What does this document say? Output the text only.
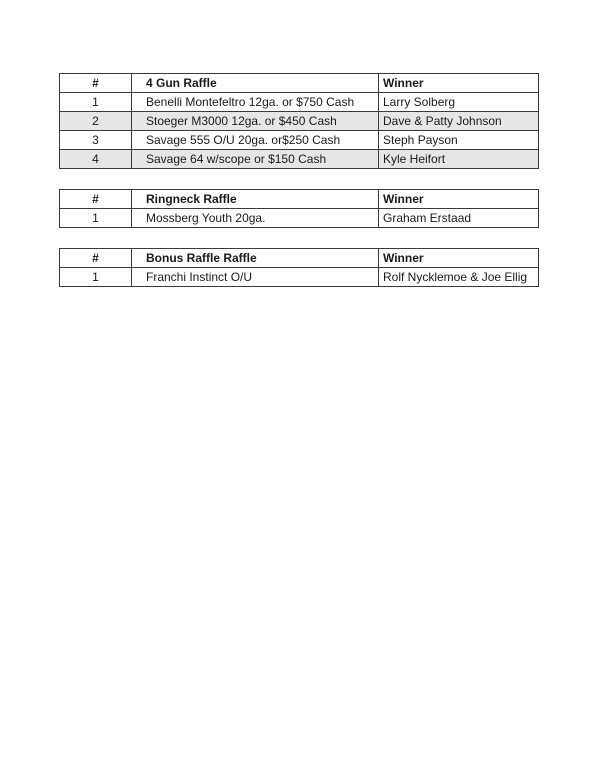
#	4 Gun Raffle	Winner
1	Benelli Montefeltro 12ga. or $750 Cash	Larry Solberg
2	Stoeger M3000 12ga. or $450 Cash	Dave & Patty Johnson
3	Savage 555 O/U 20ga. or$250 Cash	Steph Payson
4	Savage 64 w/scope or $150 Cash	Kyle Heifort
#	Ringneck Raffle	Winner
1	Mossberg Youth 20ga.	Graham Erstaad
#	Bonus Raffle Raffle	Winner
1	Franchi Instinct O/U	Rolf Nycklemoe & Joe Ellig
